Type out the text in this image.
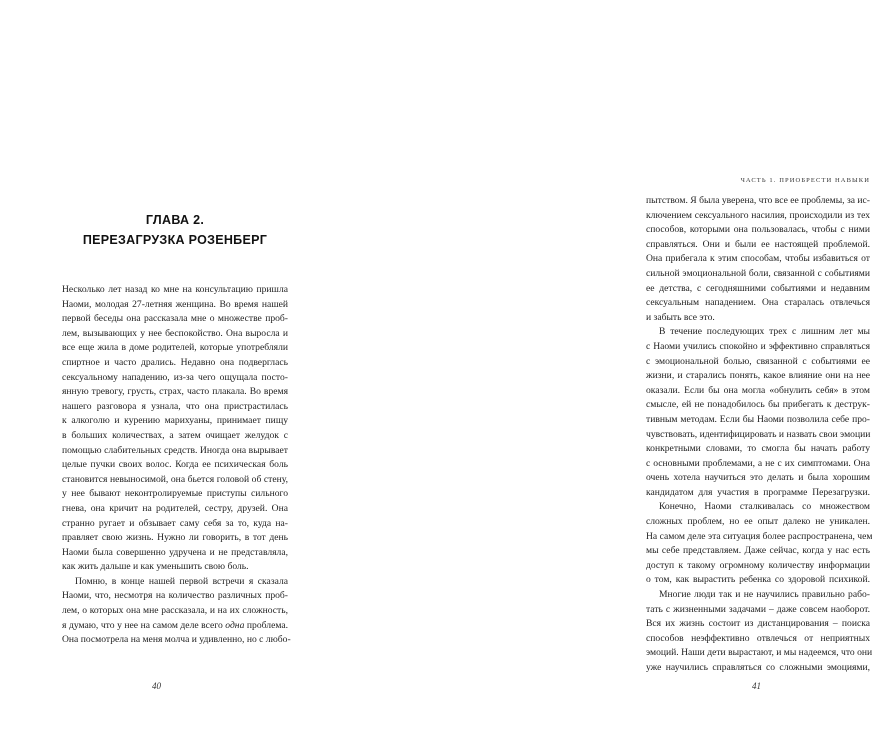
ГЛАВА 2.
ПЕРЕЗАГРУЗКА РОЗЕНБЕРГ
Несколько лет назад ко мне на консультацию пришла
Наоми, молодая 27-летняя женщина. Во время нашей
первой беседы она рассказала мне о множестве проб-
лем, вызывающих у нее беспокойство. Она выросла и
все еще жила в доме родителей, которые употребляли
спиртное и часто дрались. Недавно она подверглась
сексуальному нападению, из-за чего ощущала посто-
янную тревогу, грусть, страх, часто плакала. Во время
нашего разговора я узнала, что она пристрастилась
к алкоголю и курению марихуаны, принимает пищу
в больших количествах, а затем очищает желудок с
помощью слабительных средств. Иногда она вырывает
целые пучки своих волос. Когда ее психическая боль
становится невыносимой, она бьется головой об стену,
у нее бывают неконтролируемые приступы сильного
гнева, она кричит на родителей, сестру, друзей. Она
странно ругает и обзывает саму себя за то, куда на-
правляет свою жизнь. Нужно ли говорить, в тот день
Наоми была совершенно удручена и не представляла,
как жить дальше и как уменьшить свою боль.
Помню, в конце нашей первой встречи я сказала
Наоми, что, несмотря на количество различных проб-
лем, о которых она мне рассказала, и на их сложность,
я думаю, что у нее на самом деле всего одна проблема.
Она посмотрела на меня молча и удивленно, но с любо-
40
ЧАСТЬ 1. ПРИОБРЕСТИ НАВЫКИ
пытством. Я была уверена, что все ее проблемы, за ис-
ключением сексуального насилия, происходили из тех
способов, которыми она пользовалась, чтобы с ними
справляться. Они и были ее настоящей проблемой.
Она прибегала к этим способам, чтобы избавиться от
сильной эмоциональной боли, связанной с событиями
ее детства, с сегодняшними событиями и недавним
сексуальным нападением. Она старалась отвлечься
и забыть все это.
В течение последующих трех с лишним лет мы
с Наоми учились спокойно и эффективно справляться
с эмоциональной болью, связанной с событиями ее
жизни, и старались понять, какое влияние они на нее
оказали. Если бы она могла «обнулить себя» в этом
смысле, ей не понадобилось бы прибегать к деструк-
тивным методам. Если бы Наоми позволила себе про-
чувствовать, идентифицировать и назвать свои эмоции
конкретными словами, то смогла бы начать работу
с основными проблемами, а не с их симптомами. Она
очень хотела научиться это делать и была хорошим
кандидатом для участия в программе Перезагрузки.
Конечно, Наоми сталкивалась со множеством
сложных проблем, но ее опыт далеко не уникален.
На самом деле эта ситуация более распространена, чем
мы себе представляем. Даже сейчас, когда у нас есть
доступ к такому огромному количеству информации
о том, как вырастить ребенка со здоровой психикой.
Многие люди так и не научились правильно рабо-
тать с жизненными задачами – даже совсем наоборот.
Вся их жизнь состоит из дистанцирования – поиска
способов неэффективно отвлечься от неприятных
эмоций. Наши дети вырастают, и мы надеемся, что они
уже научились справляться со сложными эмоциями,
41
